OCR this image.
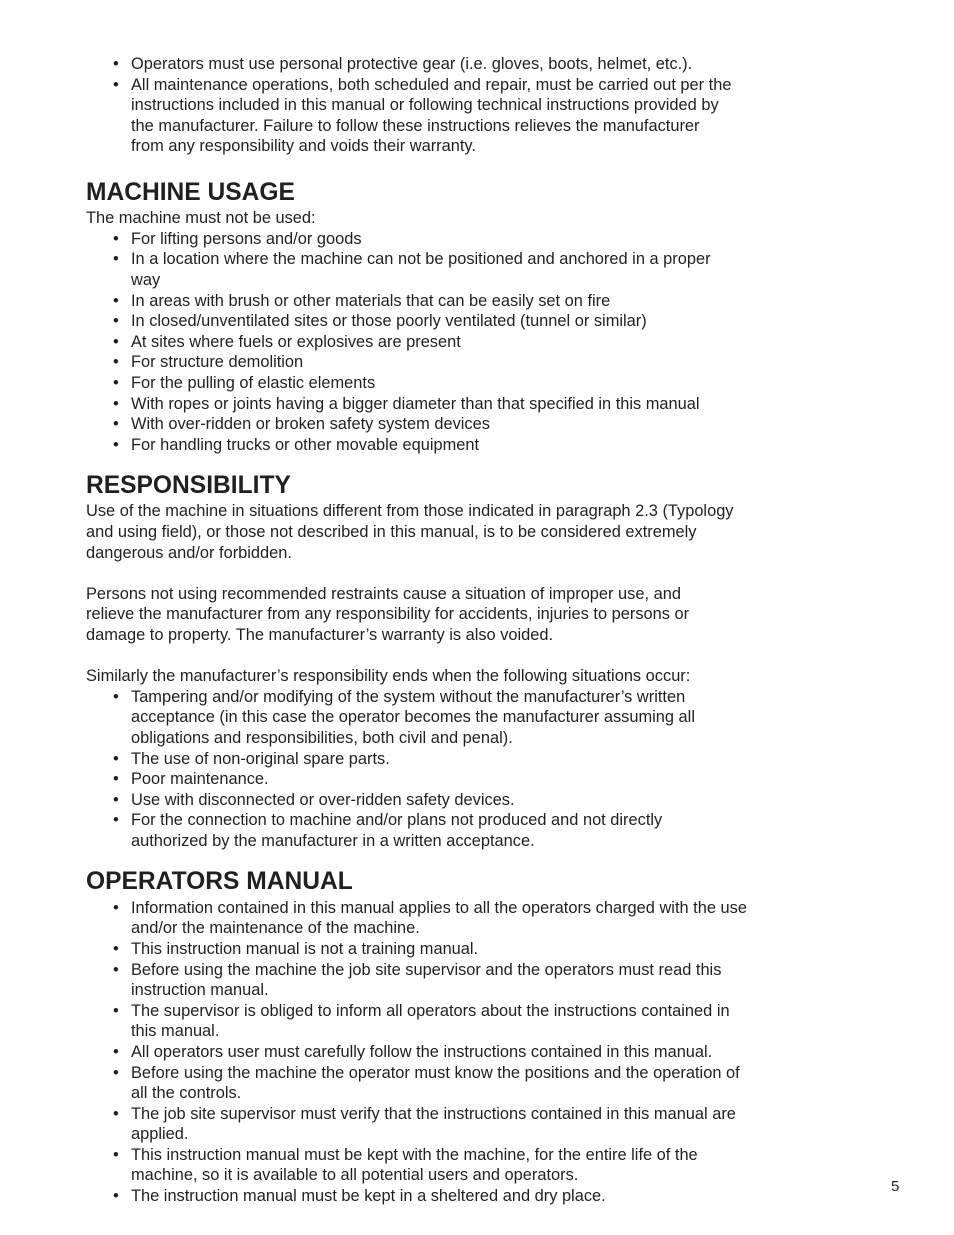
• Operators must use personal protective gear (i.e. gloves, boots, helmet, etc.).
• All maintenance operations, both scheduled and repair, must be carried out per the instructions included in this manual or following technical instructions provided by the manufacturer. Failure to follow these instructions relieves the manufacturer from any responsibility and voids their warranty.
MACHINE USAGE

The machine must not be used:

• For lifting persons and/or goods
• In a location where the machine can not be positioned and anchored in a proper way
• In areas with brush or other materials that can be easily set on fire
• In closed/unventilated sites or those poorly ventilated (tunnel or similar)
• At sites where fuels or explosives are present
• For structure demolition
• For the pulling of elastic elements
• With ropes or joints having a bigger diameter than that specified in this manual
• With over-ridden or broken safety system devices
• For handling trucks or other movable equipment
RESPONSIBILITY

Use of the machine in situations different from those indicated in paragraph 2.3 (Typology and using field), or those not described in this manual, is to be considered extremely dangerous and/or forbidden.

Persons not using recommended restraints cause a situation of improper use, and relieve the manufacturer from any responsibility for accidents, injuries to persons or damage to property. The manufacturer’s warranty is also voided.

Similarly the manufacturer’s responsibility ends when the following situations occur:

• Tampering and/or modifying of the system without the manufacturer’s written acceptance (in this case the operator becomes the manufacturer assuming all obligations and responsibilities, both civil and penal).
• The use of non-original spare parts.
• Poor maintenance.
• Use with disconnected or over-ridden safety devices.
• For the connection to machine and/or plans not produced and not directly authorized by the manufacturer in a written acceptance.
OPERATORS MANUAL
• Information contained in this manual applies to all the operators charged with the use and/or the maintenance of the machine.
• This instruction manual is not a training manual.
• Before using the machine the job site supervisor and the operators must read this instruction manual.
• The supervisor is obliged to inform all operators about the instructions contained in this manual.
• All operators user must carefully follow the instructions contained in this manual.
• Before using the machine the operator must know the positions and the operation of all the controls.
• The job site supervisor must verify that the instructions contained in this manual are applied.
• This instruction manual must be kept with the machine, for the entire life of the machine, so it is available to all potential users and operators.
• The instruction manual must be kept in a sheltered and dry place.
5
